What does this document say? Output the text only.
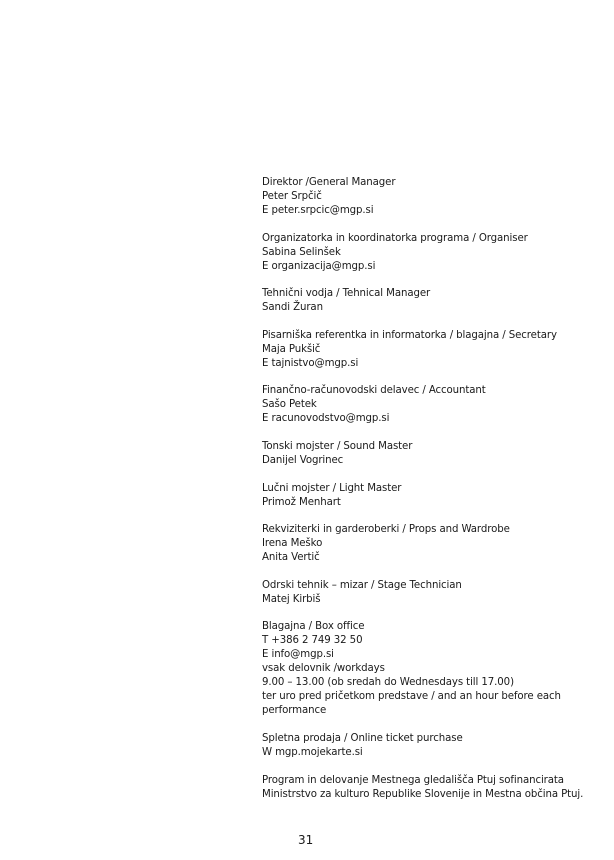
Direktor /General Manager
Peter Srpčič
E peter.srpcic@mgp.si
Organizatorka in koordinatorka programa / Organiser
Sabina Selinšek
E organizacija@mgp.si
Tehnični vodja / Tehnical Manager
Sandi Žuran
Pisarniška referentka in informatorka / blagajna / Secretary
Maja Pukšič
E tajnistvo@mgp.si
Finančno-računovodski delavec / Accountant
Sašo Petek
E racunovodstvo@mgp.si
Tonski mojster / Sound Master
Danijel Vogrinec
Lučni mojster / Light Master
Primož Menhart
Rekviziterki in garderoberki / Props and Wardrobe
Irena Meško
Anita Vertič
Odrski tehnik – mizar / Stage Technician
Matej Kirbiš
Blagajna / Box office
T +386 2 749 32 50
E info@mgp.si
vsak delovnik /workdays
9.00 – 13.00 (ob sredah do Wednesdays till 17.00)
ter uro pred pričetkom predstave / and an hour before each performance
Spletna prodaja / Online ticket purchase
W mgp.mojekarte.si
Program in delovanje Mestnega gledališča Ptuj sofinancirata Ministrstvo za kulturo Republike Slovenije in Mestna občina Ptuj.
31
